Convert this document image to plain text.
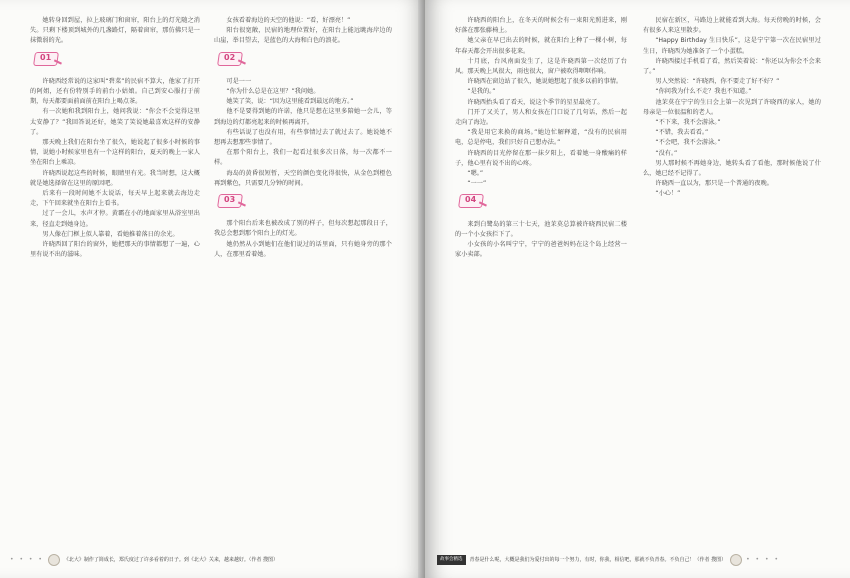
她转身回到屋，拉上玻璃门和窗帘，阳台上的灯光随之消失。只剩下楼顶到城外的几盏路灯，隔着窗帘，那仿佛只是一抹微弱的光。

01

许晓西经常说的这家叫“碧菜”的民宿不算大，他家了打开的阿姐，还有份特别手的前台小姑娘。自己到安心服打于前期，每天都要面前面前在阳台上喝点茶。

有一次她和我到阳台上，她问我说：“你会不会觉得这里太安静了？”我回答说还好，她笑了笑说她最喜欢这样的安静了。

那天晚上我们在阳台坐了很久，她说起了很多小时候的事情，说她小时候家里也有一个这样的阳台，夏天的晚上一家人坐在阳台上乘凉。

许晓西说起这些的时候，眼睛里有光。我当时想，这大概就是她选择留在这里的原因吧。

后来有一段时间她不太说话，每天早上起来就去海边走走，下午回来就坐在阳台上看书。

过了一会儿，水声才停。黄霸在小的地面家里从浴室里出来，径直走到她身边。

男人像在门框上似人靠着，看她推着落日的余光。

许晓西回了阳台的窗外，她把那天的事情都想了一遍，心里有说不出的滋味。

女孩看着海边的天空的他说：“看，好漂亮！”

阳台很宽敞，民宿的地理位置好，在阳台上能远眺海岸边的山崖，举目望去，是蓝色的大海和白色的浪花。

02

可是一一

“你为什么总是在这里？”我问她。

她笑了笑，说：“因为这里能看到最远的地方。”

他不是要得到她的许诺，他只是想在这里多陪她一会儿，等到海边的灯都亮起来的时候再离开。

有些话说了也没有用，有些事情过去了就过去了。她说她不想再去想那些事情了。

在那个阳台上，我们一起看过很多次日落，每一次都不一样。

海岛的黄昏很短暂，天空的颜色变化得很快，从金色到橙色再到紫色，只需要几分钟的时间。

03

那个阳台后来也被改成了别的样子，但每次想起那段日子，我总会想到那个阳台上的灯光。

她仍然从小到她们在他们说过的话里面，只有她身旁的那个人，在那里看着她。

• • • •	《北大》制作了简成长，郑氏度过了许多看着的日子。到《北大》关来，越来越好。（作者 搜图）

许晓西的阳台上，在冬天的时候会有一束阳光照进来，刚好落在那张藤椅上。

她父亲在早已出去的时候，就在阳台上种了一棵小树，每年春天都会开出很多花来。

十月底，台风南面发生了，这是许晓西第一次经历了台风。那天晚上风很大，雨也很大，窗户被吹得哐哐作响。

许晓西在窗边站了很久，她说她想起了很多以前的事情。

“是我的。”

许晓西抬头看了看天，说这个季节的星星最亮了。

门开了又关了，男人和女孩在门口说了几句话，然后一起走向了海边。

“我是用它来换的商场。”她边忙解释道，“没有的民宿用电，总是停电，我们只好自己想办法。”

许晓西的目光停留在那一抹夕阳上，看着她一身酸痛的样子，他心里有说不出的心疼。

“嗯。”

“一一”

04

来到白鹭岛的第三十七天，池茉莫总算被许晓西民宿二楼的一个小女孩拦下了。

小女孩的小名叫宁宁，宁宁的爸爸妈妈在这个岛上经营一家小卖部。

民宿在新区，马路边上就能看到大海。每天傍晚的时候，会有很多人来这里散步。

“Happy Birthday 生日快乐”，这是宁宁第一次在民宿里过生日，许晓西为她准备了一个小蛋糕。

许晓西接过手机看了看，然后笑着说：“你还以为你会不会来了。”

男人突然说：“许晓西，你不要走了好不好？”

“你问我为什么不走？我也不知道。”

池茉莫在宁宁的生日会上第一次见到了许晓西的家人，她的母亲是一位很温和的老人。

“不下来，我不会游泳。”

“不错，我去看看。”

“不会吧，我不会游泳。”

“没有。”

男人那时候不再她身边，她转头看了看他，那时候他说了什么，她已经不记得了。

许晓西一直以为，那只是一个普通的夜晚。

“小心！”

故事会精选	青春是什么呢，大概是我们为爱付出的每一个努力，有时，你我，相信吧，那就不负青春。不负自己！（作者 搜图）	• • • •
